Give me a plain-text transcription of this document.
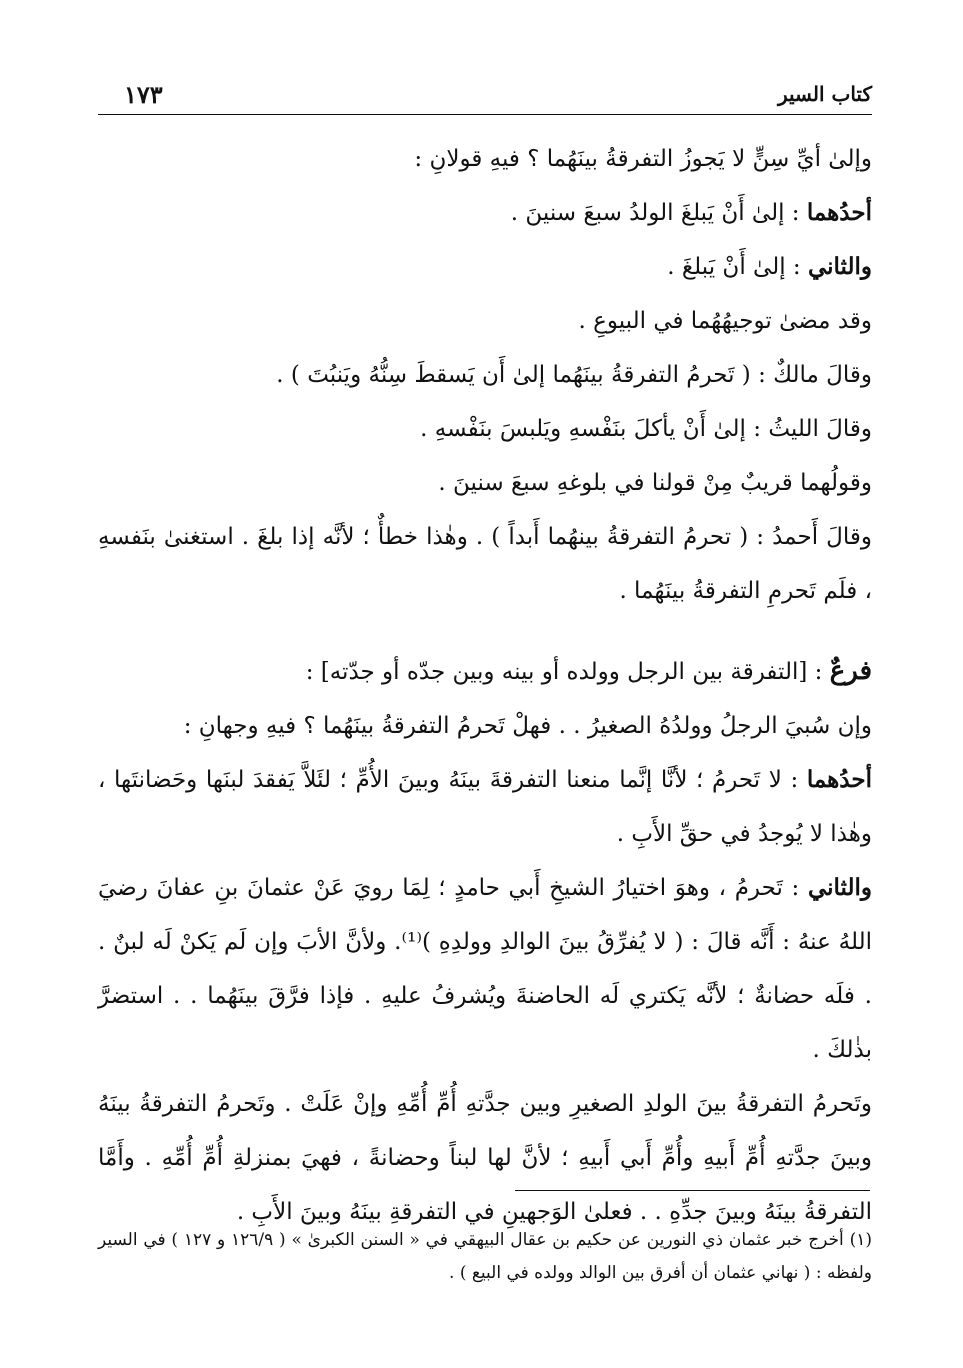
كتاب السير
١٧٣

وإلىٰ أيِّ سِنٍّ لا يَجوزُ التفرقةُ بينَهُما ؟ فيهِ قولانِ :

أحدُهما : إلىٰ أَنْ يَبلغَ الولدُ سبعَ سنينَ .

والثاني : إلىٰ أَنْ يَبلغَ .

وقد مضىٰ توجيهُهُما في البيوعِ .

وقالَ مالكٌ : ( تَحرمُ التفرقةُ بينَهُما إلىٰ أَن يَسقطَ سِنُّهُ ويَنبُتَ ) .

وقالَ الليثُ : إلىٰ أَنْ يأكلَ بنَفْسهِ ويَلبسَ بنَفْسهِ .

وقولُهما قريبٌ مِنْ قولنا في بلوغهِ سبعَ سنينَ .

وقالَ أَحمدُ : ( تحرمُ التفرقةُ بينهُما أَبداً ) . وهٰذا خطأٌ ؛ لأنَّه إذا بلغَ . استغنىٰ بنَفسهِ ، فلَم تَحرمِ التفرقةُ بينَهُما .

فرعٌ : [التفرقة بين الرجل وولده أو بينه وبين جدّه أو جدّته] :

وإن سُبيَ الرجلُ وولدُهُ الصغيرُ . . فهلْ تَحرمُ التفرقةُ بينَهُما ؟ فيهِ وجهانِ :

أحدُهما : لا تَحرمُ ؛ لأنَّا إنَّما منعنا التفرقةَ بينَهُ وبينَ الأُمِّ ؛ لئَلاَّ يَفقدَ لبنَها وحَضانتَها ، وهٰذا لا يُوجدُ في حقِّ الأَبِ .

والثاني : تَحرمُ ، وهوَ اختيارُ الشيخِ أَبي حامدٍ ؛ لِمَا رويَ عَنْ عثمانَ بنِ عفانَ رضيَ اللهُ عنهُ : أَنَّه قالَ : ( لا يُفرِّقُ بينَ الوالدِ وولدِهِ )⁽¹⁾. ولأنَّ الأبَ وإن لَم يَكنْ لَه لبنٌ . . فلَه حضانةٌ ؛ لأنَّه يَكتري لَه الحاضنةَ ويُشرفُ عليهِ . فإذا فرَّقَ بينَهُما . . استضرَّ بذٰلكَ .

وتَحرمُ التفرقةُ بينَ الولدِ الصغيرِ وبين جدَّتهِ أُمِّ أُمِّهِ وإنْ عَلَتْ . وتَحرمُ التفرقةُ بينَهُ وبينَ جدَّتهِ أُمِّ أَبيهِ وأُمِّ أَبي أَبيهِ ؛ لأنَّ لها لبناً وحضانةً ، فهيَ بمنزلةِ أُمِّ أُمِّهِ . وأَمَّا التفرقةُ بينَهُ وبينَ جدِّهِ . . فعلىٰ الوَجهينِ في التفرقةِ بينَهُ وبينَ الأَبِ .

(١) أخرج خبر عثمان ذي النورين عن حكيم بن عقال البيهقي في « السنن الكبرىٰ » ( ١٢٦/٩ و ١٢٧ ) في السير ولفظه : ( نهاني عثمان أن أفرق بين الوالد وولده في البيع ) .
